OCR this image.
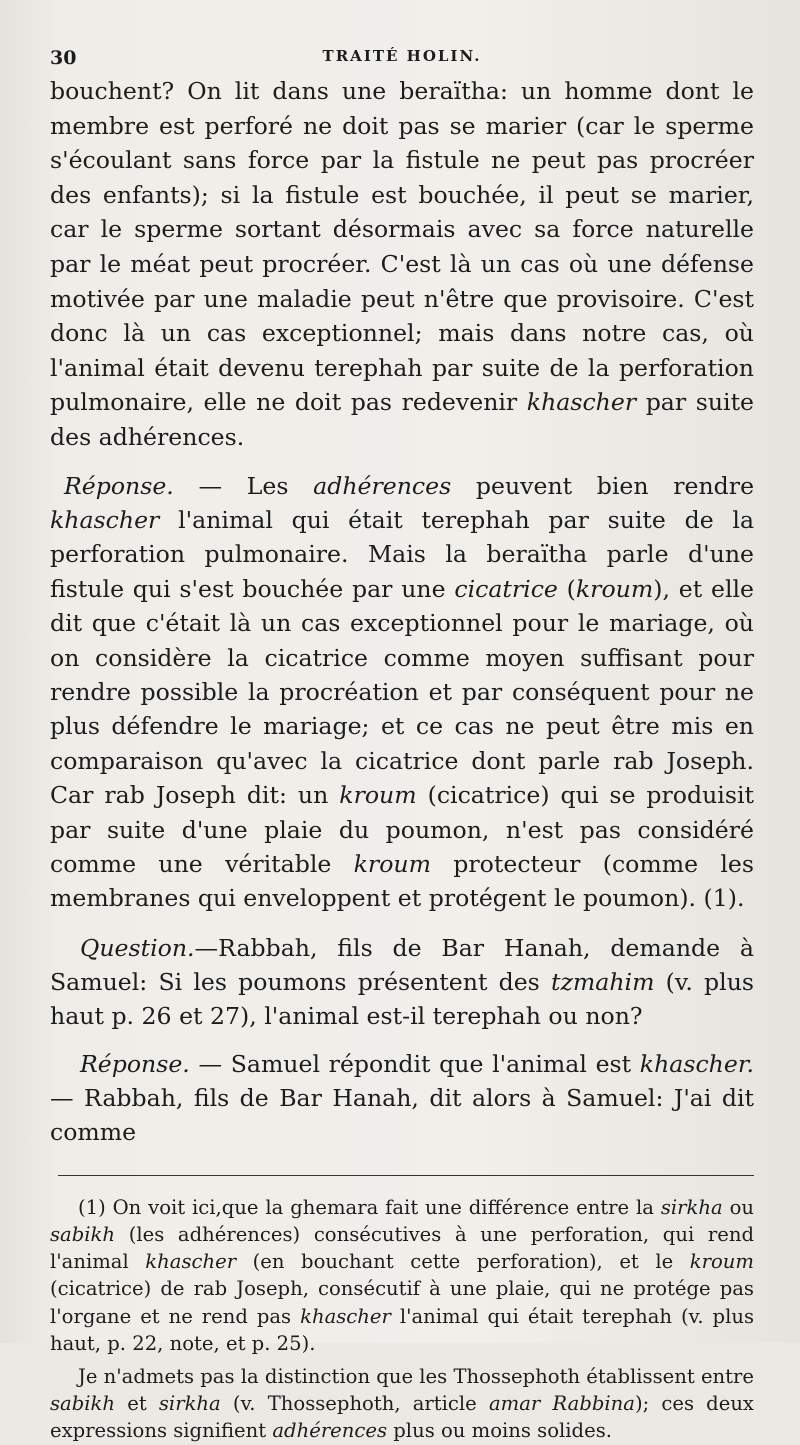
30	TRAITÉ HOLIN.

bouchent? On lit dans une beraïtha: un homme dont le membre est perforé ne doit pas se marier (car le sperme s'écoulant sans force par la fistule ne peut pas procréer des enfants); si la fistule est bouchée, il peut se marier, car le sperme sortant désormais avec sa force naturelle par le méat peut procréer. C'est là un cas où une défense motivée par une maladie peut n'être que provisoire. C'est donc là un cas exceptionnel; mais dans notre cas, où l'animal était devenu terephah par suite de la perforation pulmonaire, elle ne doit pas redevenir khascher par suite des adhérences.

Réponse. — Les adhérences peuvent bien rendre khascher l'animal qui était terephah par suite de la perforation pulmonaire. Mais la beraïtha parle d'une fistule qui s'est bouchée par une cicatrice (kroum), et elle dit que c'était là un cas exceptionnel pour le mariage, où on considère la cicatrice comme moyen suffisant pour rendre possible la procréation et par conséquent pour ne plus défendre le mariage; et ce cas ne peut être mis en comparaison qu'avec la cicatrice dont parle rab Joseph. Car rab Joseph dit: un kroum (cicatrice) qui se produisit par suite d'une plaie du poumon, n'est pas considéré comme une véritable kroum protecteur (comme les membranes qui enveloppent et protégent le poumon). (1).

Question.—Rabbah, fils de Bar Hanah, demande à Samuel: Si les poumons présentent des tzmahim (v. plus haut p. 26 et 27), l'animal est-il terephah ou non?

Réponse. — Samuel répondit que l'animal est khascher. — Rabbah, fils de Bar Hanah, dit alors à Samuel: J'ai dit comme

(1) On voit ici,que la ghemara fait une différence entre la sirkha ou sabikh (les adhérences) consécutives à une perforation, qui rend l'animal khascher (en bouchant cette perforation), et le kroum (cicatrice) de rab Joseph, consécutif à une plaie, qui ne protége pas l'organe et ne rend pas khascher l'animal qui était terephah (v. plus haut, p. 22, note, et p. 25).

Je n'admets pas la distinction que les Thossephoth établissent entre sabikh et sirkha (v. Thossephoth, article amar Rabbina); ces deux expressions signifient adhérences plus ou moins solides.
